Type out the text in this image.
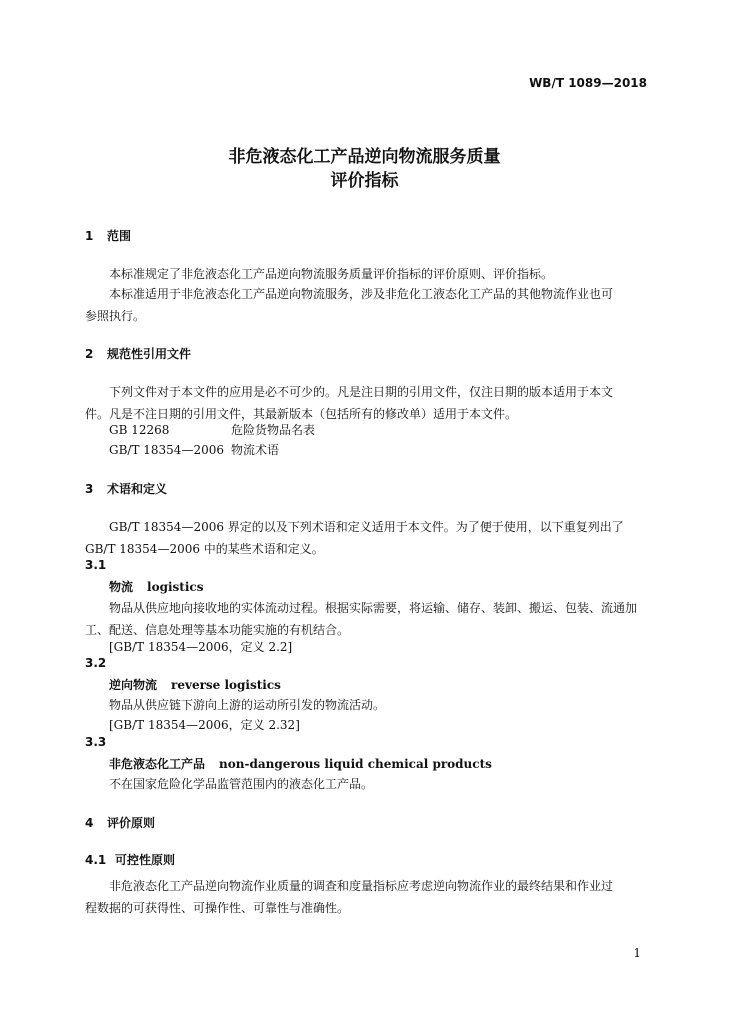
WB/T 1089—2018
非危液态化工产品逆向物流服务质量
评价指标
1 范围
本标准规定了非危液态化工产品逆向物流服务质量评价指标的评价原则、评价指标。
本标准适用于非危液态化工产品逆向物流服务，涉及非危化工液态化工产品的其他物流作业也可
参照执行。
2 规范性引用文件
下列文件对于本文件的应用是必不可少的。凡是注日期的引用文件，仅注日期的版本适用于本文
件。凡是不注日期的引用文件，其最新版本（包括所有的修改单）适用于本文件。
GB 12268	危险货物品名表
GB/T 18354—2006 物流术语
3 术语和定义
GB/T 18354—2006 界定的以及下列术语和定义适用于本文件。为了便于使用，以下重复列出了
GB/T 18354—2006 中的某些术语和定义。
3.1
物流 logistics
物品从供应地向接收地的实体流动过程。根据实际需要，将运输、储存、装卸、搬运、包装、流通加
工、配送、信息处理等基本功能实施的有机结合。
[GB/T 18354—2006，定义 2.2]
3.2
逆向物流 reverse logistics
物品从供应链下游向上游的运动所引发的物流活动。
[GB/T 18354—2006，定义 2.32]
3.3
非危液态化工产品 non-dangerous liquid chemical products
不在国家危险化学品监管范围内的液态化工产品。
4 评价原则
4.1 可控性原则
非危液态化工产品逆向物流作业质量的调查和度量指标应考虑逆向物流作业的最终结果和作业过
程数据的可获得性、可操作性、可靠性与准确性。
1
